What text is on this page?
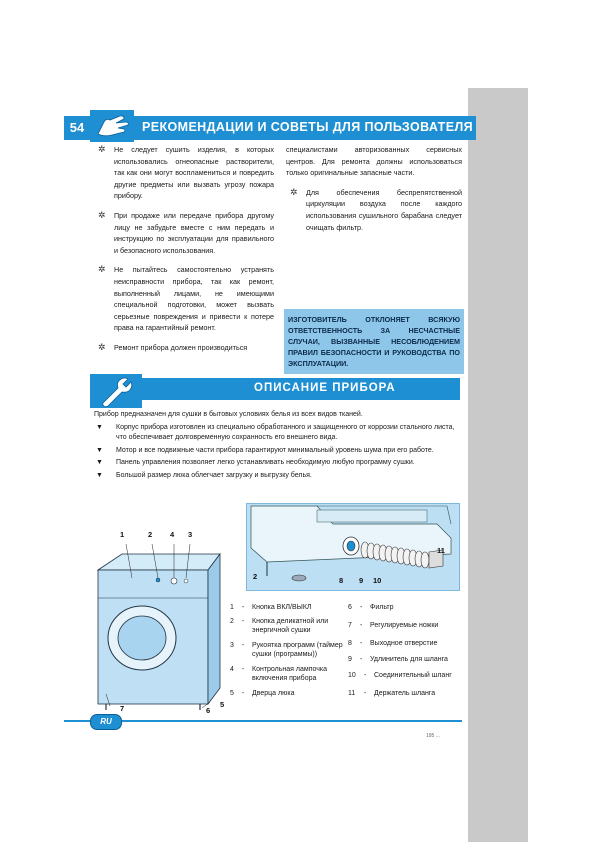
54	РЕКОМЕНДАЦИИ И СОВЕТЫ ДЛЯ ПОЛЬЗОВАТЕЛЯ

✲ Не следует сушить изделия, в которых использовались огнеопасные растворители, так как они могут воспламениться и повредить другие предметы или вызвать угрозу пожара прибору.

✲ При продаже или передаче прибора другому лицу не забудьте вместе с ним передать и инструкцию по эксплуатации для правильного и безопасного использования.

✲ Не пытайтесь самостоятельно устранять неисправности прибора, так как ремонт, выполненный лицами, не имеющими специальной подготовки, может вызвать серьезные повреждения и привести к потере права на гарантийный ремонт.

✲ Ремонт прибора должен производиться

специалистами авторизованных сервисных центров. Для ремонта должны использоваться только оригинальные запасные части.

✲ Для обеспечения беспрепятственной циркуляции воздуха после каждого использования сушильного барабана следует очищать фильтр.

ИЗГОТОВИТЕЛЬ ОТКЛОНЯЕТ ВСЯКУЮ ОТВЕТСТВЕННОСТЬ ЗА НЕСЧАСТНЫЕ СЛУЧАИ, ВЫЗВАННЫЕ НЕСОБЛЮДЕНИЕМ ПРАВИЛ БЕЗОПАСНОСТИ И РУКОВОДСТВА ПО ЭКСПЛУАТАЦИИ.
ОПИСАНИЕ ПРИБОРА
Прибор предназначен для сушки в бытовых условиях белья из всех видов тканей.
▼ Корпус прибора изготовлен из специально обработанного и защищенного от коррозии стального листа, что обеспечивает долговременную сохранность его внешнего вида.
▼ Мотор и все подвижные части прибора гарантируют минимальный уровень шума при его работе.
▼ Панель управления позволяет легко устанавливать необходимую любую программу сушки.
▼ Большой размер люка облегчает загрузку и выгрузку белья.
2	8 9 10
11
1	2 4 3
5
6
7
1 - Кнопка ВКЛ/ВЫКЛ
2 - Кнопка деликатной или
энергичной сушки
3 - Рукоятка программ (таймер
сушки (программы))
4 - Контрольная лампочка
включения прибора
5 - Дверца люка
6 - Фильтр
7 - Регулируемые ножки
8 - Выходное отверстие
9 - Удлинитель для шланга
10 - Соединительный шланг
11 - Держатель шланга
RU
195 ...
